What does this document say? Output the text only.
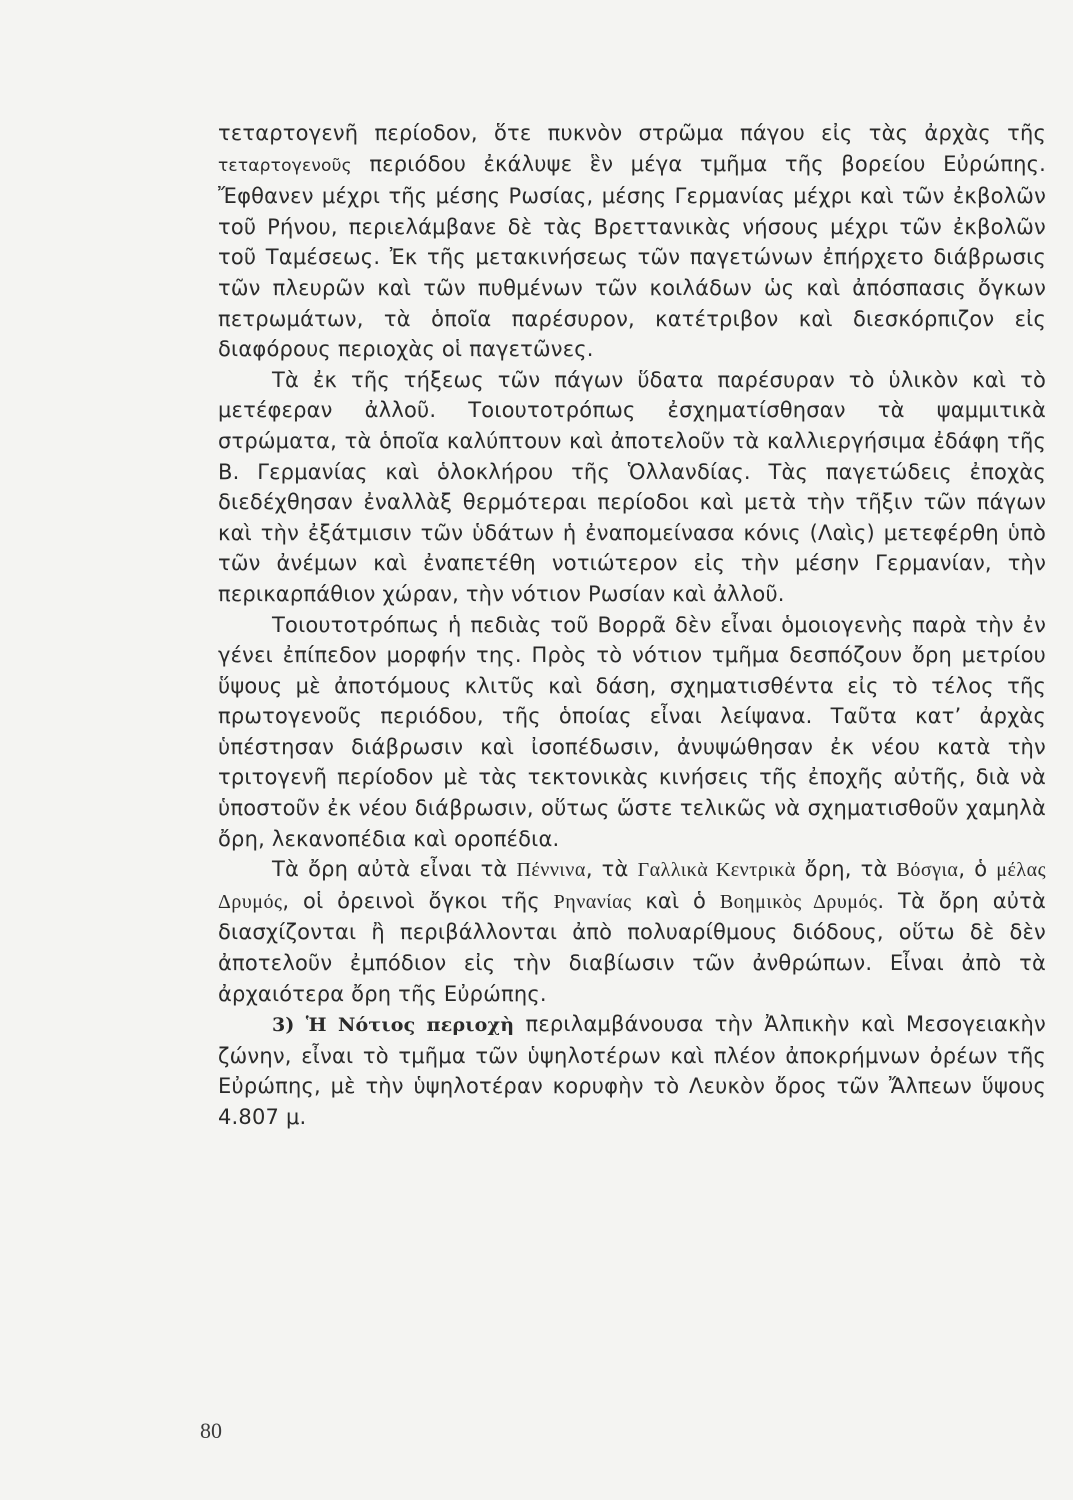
τεταρτογενῆ περίοδον, ὅτε πυκνὸν στρῶμα πάγου εἰς τὰς ἀρχὰς τῆς τεταρτογενοῦς περιόδου ἐκάλυψε ἓν μέγα τμῆμα τῆς βορείου Εὐρώπης. Ἔφθανεν μέχρι τῆς μέσης Ρωσίας, μέσης Γερμανίας μέχρι καὶ τῶν ἐκβολῶν τοῦ Ρήνου, περιελάμβανε δὲ τὰς Βρεττανικὰς νήσους μέχρι τῶν ἐκβολῶν τοῦ Ταμέσεως. Ἐκ τῆς μετακινήσεως τῶν παγετώνων ἐπήρχετο διάβρωσις τῶν πλευρῶν καὶ τῶν πυθμένων τῶν κοιλάδων ὡς καὶ ἀπόσπασις ὄγκων πετρωμάτων, τὰ ὁποῖα παρέσυρον, κατέτριβον καὶ διεσκόρπιζον εἰς διαφόρους περιοχὰς οἱ παγετῶνες.

Τὰ ἐκ τῆς τήξεως τῶν πάγων ὕδατα παρέσυραν τὸ ὑλικὸν καὶ τὸ μετέφεραν ἀλλοῦ. Τοιουτοτρόπως ἐσχηματίσθησαν τὰ ψαμμιτικὰ στρώματα, τὰ ὁποῖα καλύπτουν καὶ ἀποτελοῦν τὰ καλλιεργήσιμα ἐδάφη τῆς Β. Γερμανίας καὶ ὁλοκλήρου τῆς Ὁλλανδίας. Τὰς παγετώδεις ἐποχὰς διεδέχθησαν ἐναλλὰξ θερμότεραι περίοδοι καὶ μετὰ τὴν τῆξιν τῶν πάγων καὶ τὴν ἐξάτμισιν τῶν ὑδάτων ἡ ἐναπομείνασα κόνις (Λαὶς) μετεφέρθη ὑπὸ τῶν ἀνέμων καὶ ἐναπετέθη νοτιώτερον εἰς τὴν μέσην Γερμανίαν, τὴν περικαρπάθιον χώραν, τὴν νότιον Ρωσίαν καὶ ἀλλοῦ.

Τοιουτοτρόπως ἡ πεδιὰς τοῦ Βορρᾶ δὲν εἶναι ὁμοιογενὴς παρὰ τὴν ἐν γένει ἐπίπεδον μορφήν της. Πρὸς τὸ νότιον τμῆμα δεσπόζουν ὄρη μετρίου ὕψους μὲ ἀποτόμους κλιτῦς καὶ δάση, σχηματισθέντα εἰς τὸ τέλος τῆς πρωτογενοῦς περιόδου, τῆς ὁποίας εἶναι λείψανα. Ταῦτα κατ’ ἀρχὰς ὑπέστησαν διάβρωσιν καὶ ἰσοπέδωσιν, ἀνυψώθησαν ἐκ νέου κατὰ τὴν τριτογενῆ περίοδον μὲ τὰς τεκτονικὰς κινήσεις τῆς ἐποχῆς αὐτῆς, διὰ νὰ ὑποστοῦν ἐκ νέου διάβρωσιν, οὕτως ὥστε τελικῶς νὰ σχηματισθοῦν χαμηλὰ ὄρη, λεκανοπέδια καὶ οροπέδια.

Τὰ ὄρη αὐτὰ εἶναι τὰ Πέννινα, τὰ Γαλλικὰ Κεντρικὰ ὄρη, τὰ Βόσγια, ὁ μέλας Δρυμός, οἱ ὀρεινοὶ ὄγκοι τῆς Ρηνανίας καὶ ὁ Βοημικὸς Δρυμός. Τὰ ὄρη αὐτὰ διασχίζονται ἢ περιβάλλονται ἀπὸ πολυαρίθμους διόδους, οὕτω δὲ δὲν ἀποτελοῦν ἐμπόδιον εἰς τὴν διαβίωσιν τῶν ἀνθρώπων. Εἶναι ἀπὸ τὰ ἀρχαιότερα ὄρη τῆς Εὐρώπης.

3) Ἡ Νότιος περιοχὴ περιλαμβάνουσα τὴν Ἀλπικὴν καὶ Μεσογειακὴν ζώνην, εἶναι τὸ τμῆμα τῶν ὑψηλοτέρων καὶ πλέον ἀποκρήμνων ὀρέων τῆς Εὐρώπης, μὲ τὴν ὑψηλοτέραν κορυφὴν τὸ Λευκὸν ὄρος τῶν Ἄλπεων ὕψους 4.807 μ.

80
